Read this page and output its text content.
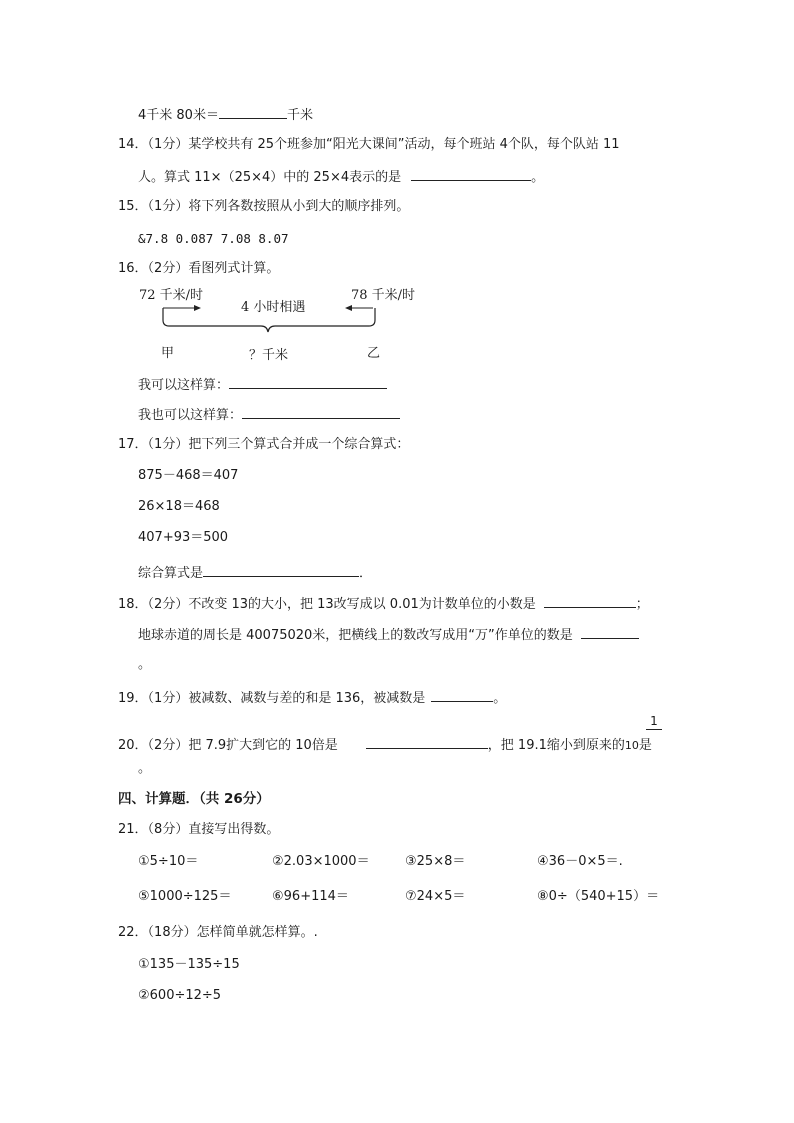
4千米 80米＝	千米
14．（1分）某学校共有 25个班参加“阳光大课间”活动，每个班站 4个队，每个队站 11
人。算式 11×（25×4）中的 25×4表示的是	。
15．（1分）将下列各数按照从小到大的顺序排列。
&7.8 0.087 7.08 8.07
16．（2分）看图列式计算。
72 千米/时	78 千米/时
4 小时相遇
甲	？千米	乙
我可以这样算：
我也可以这样算：
17．（1分）把下列三个算式合并成一个综合算式：
875－468＝407
26×18＝468
407+93＝500
综合算式是	．
18．（2分）不改变 13的大小，把 13改写成以 0.01为计数单位的小数是	；
地球赤道的周长是 40075020米，把横线上的数改写成用“万”作单位的数是
。
19．（1分）被减数、减数与差的和是 136，被减数是	。
1
20．（2分）把 7.9扩大到它的 10倍是	，把 19.1缩小到原来的10是
。
四、计算题．（共 26分）
21．（8分）直接写出得数。
①5÷10＝	②2.03×1000＝	③25×8＝	④36－0×5＝.
⑤1000÷125＝	⑥96+114＝	⑦24×5＝	⑧0÷（540+15）＝
22．（18分）怎样简单就怎样算。.
①135－135÷15
②600÷12÷5
